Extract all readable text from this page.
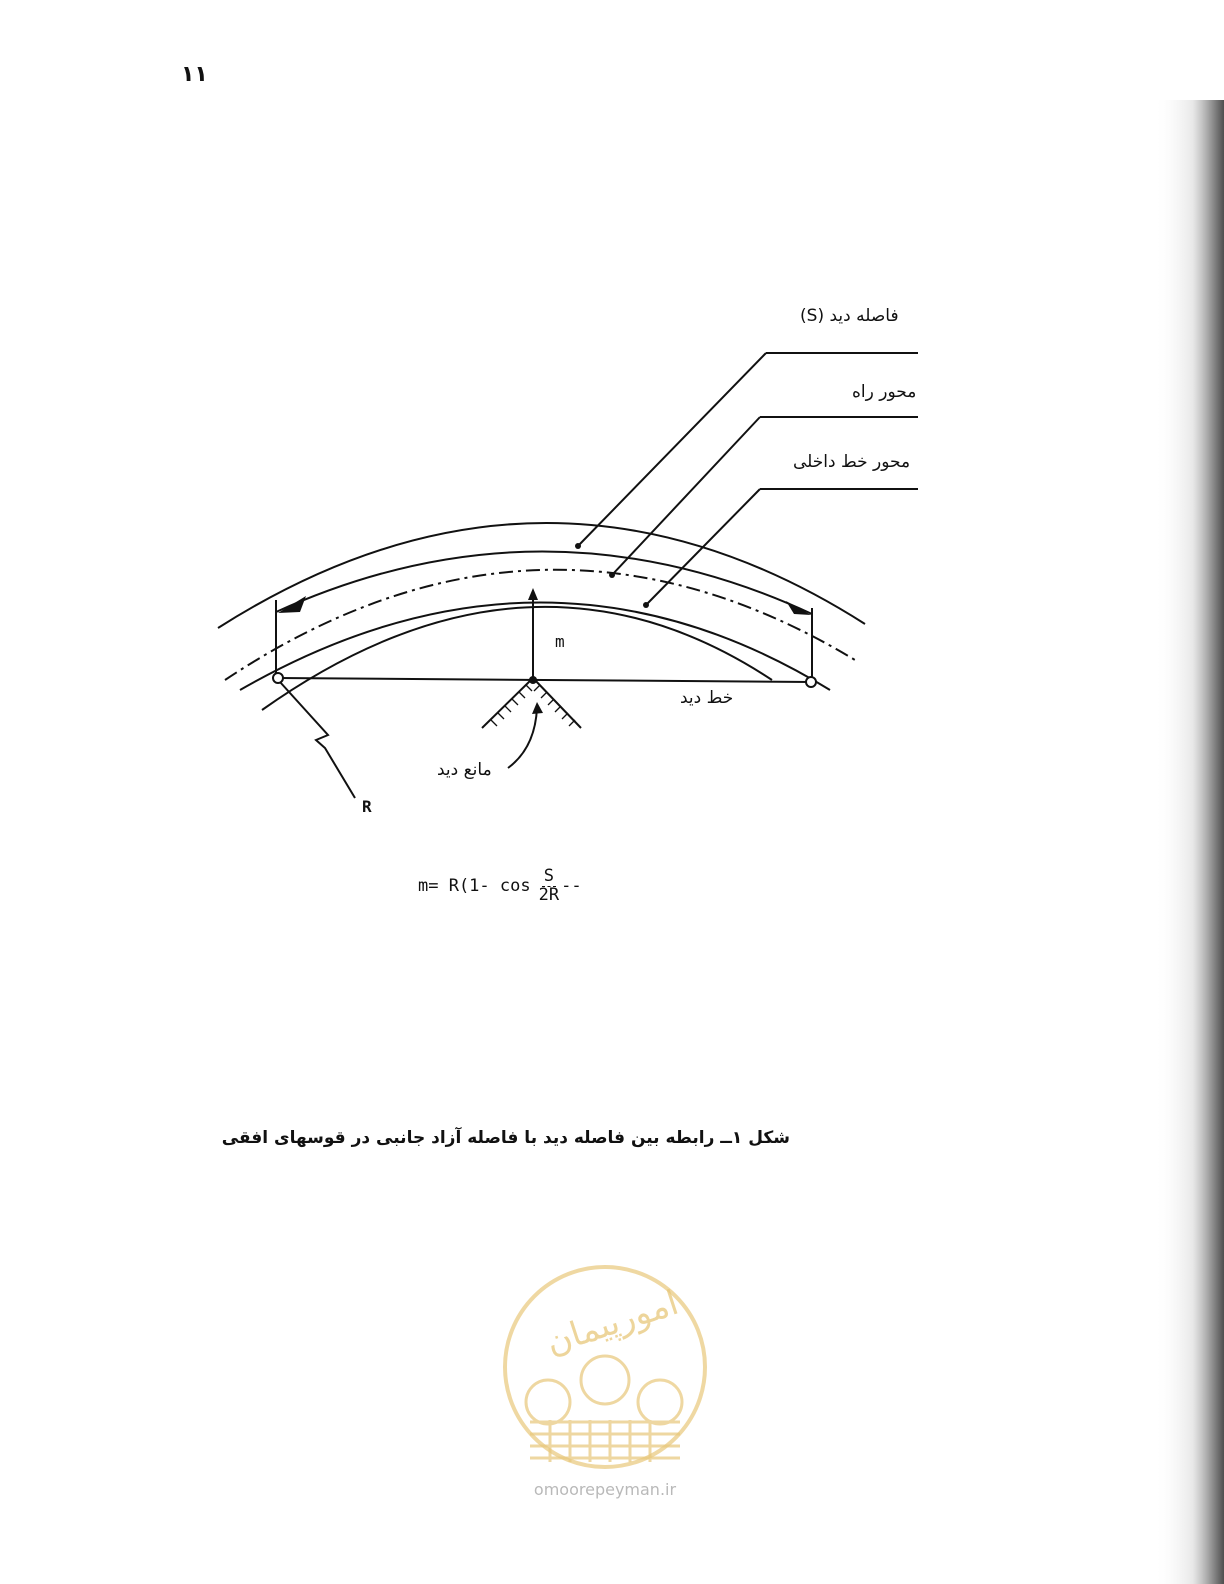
۱۱
فاصله دید (S)
محور راه
محور خط داخلی
خط دید
مانع دید
m
R
m= R(1- $\cos \frac{S}{2R}$ --
شکل ۱ــ رابطه بین فاصله دید با فاصله آزاد جانبی در قوسهای افقی
امورپیمان
omoorepeyman.ir
